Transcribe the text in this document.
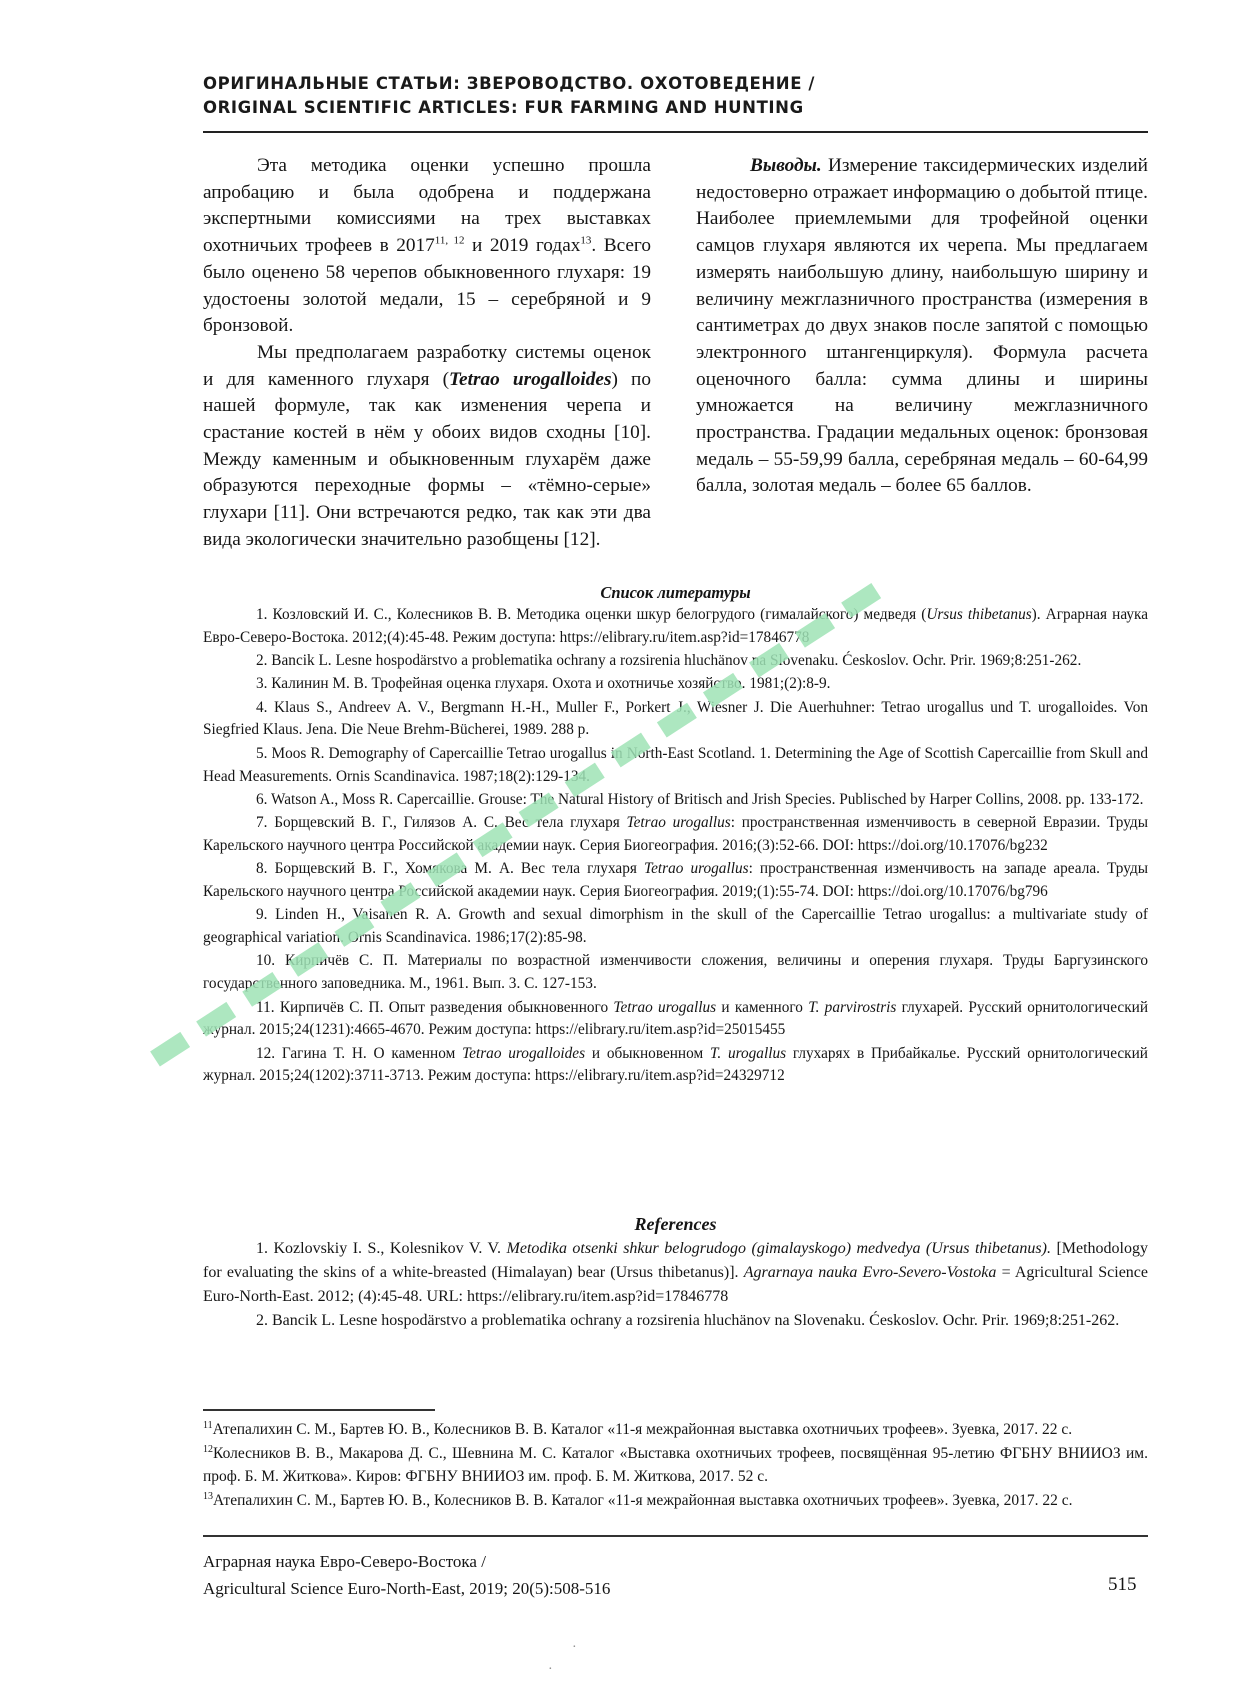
ОРИГИНАЛЬНЫЕ СТАТЬИ: ЗВЕРОВОДСТВО. ОХОТОВЕДЕНИЕ /
ORIGINAL SCIENTIFIC ARTICLES: FUR FARMING AND HUNTING

Эта методика оценки успешно прошла апробацию и была одобрена и поддержана экспертными комиссиями на трех выставках охотничьих трофеев в 2017$^{11, 12}$ и 2019 годах$^{13}$. Всего было оценено 58 черепов обыкновенного глухаря: 19 удостоены золотой медали, 15 – серебряной и 9 бронзовой.

Мы предполагаем разработку системы оценок и для каменного глухаря (Tetrao urogalloides) по нашей формуле, так как изменения черепа и срастание костей в нём у обоих видов сходны [10]. Между каменным и обыкновенным глухарём даже образуются переходные формы – «тёмно-серые» глухари [11]. Они встречаются редко, так как эти два вида экологически значительно разобщены [12].

Выводы. Измерение таксидермических изделий недостоверно отражает информацию о добытой птице. Наиболее приемлемыми для трофейной оценки самцов глухаря являются их черепа. Мы предлагаем измерять наибольшую длину, наибольшую ширину и величину межглазничного пространства (измерения в сантиметрах до двух знаков после запятой с помощью электронного штангенциркуля). Формула расчета оценочного балла: сумма длины и ширины умножается на величину межглазничного пространства. Градации медальных оценок: бронзовая медаль – 55-59,99 балла, серебряная медаль – 60-64,99 балла, золотая медаль – более 65 баллов.

Список литературы

1. Козловский И. С., Колесников В. В. Методика оценки шкур белогрудого (гималайского) медведя (Ursus thibetanus). Аграрная наука Евро-Северо-Востока. 2012;(4):45-48. Режим доступа: https://elibrary.ru/item.asp?id=17846778

2. Bancik L. Lesne hospodärstvo a problematika ochrany a rozsirenia hluchänov na Slovenaku. Ćeskoslov. Ochr. Prir. 1969;8:251-262.

3. Калинин М. В. Трофейная оценка глухаря. Охота и охотничье хозяйство. 1981;(2):8-9.

4. Klaus S., Andreev A. V., Bergmann H.-H., Muller F., Porkert J., Wiesner J. Die Auerhuhner: Tetrao urogallus und T. urogalloides. Von Siegfried Klaus. Jena. Die Neue Brehm-Bücherei, 1989. 288 p.

5. Moos R. Demography of Capercaillie Tetrao urogallus in North-East Scotland. 1. Determining the Age of Scottish Capercaillie from Skull and Head Measurements. Ornis Scandinavica. 1987;18(2):129-134.

6. Watson A., Moss R. Capercaillie. Grouse: The Natural History of Britisch and Jrish Species. Publisched by Harper Collins, 2008. pp. 133-172.

7. Борщевский В. Г., Гилязов А. С. Вес тела глухаря Tetrao urogallus: пространственная изменчивость в северной Евразии. Труды Карельского научного центра Российской академии наук. Серия Биогеография. 2016;(3):52-66. DOI: https://doi.org/10.17076/bg232

8. Борщевский В. Г., Хомякова М. А. Вес тела глухаря Tetrao urogallus: пространственная изменчивость на западе ареала. Труды Карельского научного центра Российской академии наук. Серия Биогеография. 2019;(1):55-74. DOI: https://doi.org/10.17076/bg796

9. Linden H., Vaisanen R. A. Growth and sexual dimorphism in the skull of the Capercaillie Tetrao urogallus: a multivariate study of geographical variation. Ornis Scandinavica. 1986;17(2):85-98.

10. Кирпичёв С. П. Материалы по возрастной изменчивости сложения, величины и оперения глухаря. Труды Баргузинского государственного заповедника. М., 1961. Вып. 3. С. 127-153.

11. Кирпичёв С. П. Опыт разведения обыкновенного Tetrao urogallus и каменного T. parvirostris глухарей. Русский орнитологический журнал. 2015;24(1231):4665-4670. Режим доступа: https://elibrary.ru/item.asp?id=25015455

12. Гагина Т. Н. О каменном Tetrao urogalloides и обыкновенном T. urogallus глухарях в Прибайкалье. Русский орнитологический журнал. 2015;24(1202):3711-3713. Режим доступа: https://elibrary.ru/item.asp?id=24329712

References

1. Kozlovskiy I. S., Kolesnikov V. V. Metodika otsenki shkur belogrudogo (gimalayskogo) medvedya (Ursus thibetanus). [Methodology for evaluating the skins of a white-breasted (Himalayan) bear (Ursus thibetanus)]. Agrarnaya nauka Evro-Severo-Vostoka = Agricultural Science Euro-North-East. 2012; (4):45-48. URL: https://elibrary.ru/item.asp?id=17846778

2. Bancik L. Lesne hospodärstvo a problematika ochrany a rozsirenia hluchänov na Slovenaku. Ćeskoslov. Ochr. Prir. 1969;8:251-262.

$^{11}$Атепалихин С. М., Бартев Ю. В., Колесников В. В. Каталог «11-я межрайонная выставка охотничьих трофеев». Зуевка, 2017. 22 с.

$^{12}$Колесников В. В., Макарова Д. С., Шевнина М. С. Каталог «Выставка охотничьих трофеев, посвящённая 95-летию ФГБНУ ВНИИОЗ им. проф. Б. М. Житкова». Киров: ФГБНУ ВНИИОЗ им. проф. Б. М. Житкова, 2017. 52 с.

$^{13}$Атепалихин С. М., Бартев Ю. В., Колесников В. В. Каталог «11-я межрайонная выставка охотничьих трофеев». Зуевка, 2017. 22 с.

Аграрная наука Евро-Северо-Востока /
Agricultural Science Euro-North-East, 2019; 20(5):508-516	515
·
·
